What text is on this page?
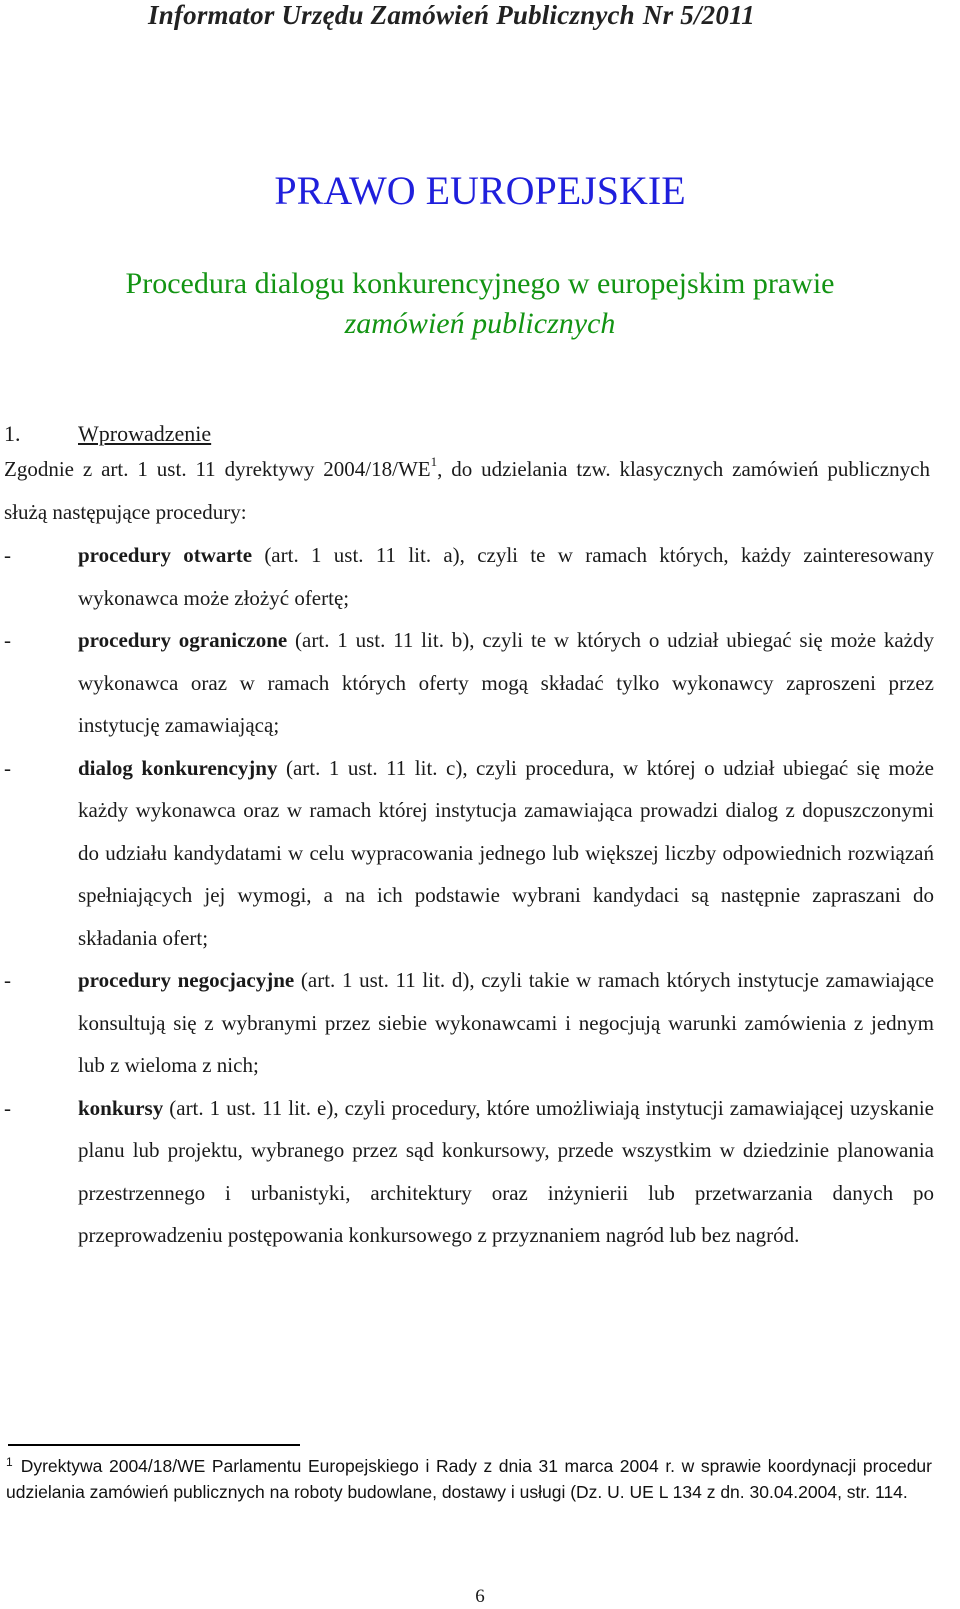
Informator Urzędu Zamówień Publicznych Nr 5/2011
PRAWO EUROPEJSKIE
Procedura dialogu konkurencyjnego w europejskim prawie
zamówień publicznych
1.	Wprowadzenie
Zgodnie z art. 1 ust. 11 dyrektywy $2004/18/WE^1$, do udzielania tzw. klasycznych zamówień publicznych służą następujące procedury:
-	procedury otwarte (art. 1 ust. 11 lit. a), czyli te w ramach których, każdy zainteresowany wykonawca może złożyć ofertę;
-	procedury ograniczone (art. 1 ust. 11 lit. b), czyli te w których o udział ubiegać się może każdy wykonawca oraz w ramach których oferty mogą składać tylko wykonawcy zaproszeni przez instytucję zamawiającą;
-	dialog konkurencyjny (art. 1 ust. 11 lit. c), czyli procedura, w której o udział ubiegać się może każdy wykonawca oraz w ramach której instytucja zamawiająca prowadzi dialog z dopuszczonymi do udziału kandydatami w celu wypracowania jednego lub większej liczby odpowiednich rozwiązań spełniających jej wymogi, a na ich podstawie wybrani kandydaci są następnie zapraszani do składania ofert;
-	procedury negocjacyjne (art. 1 ust. 11 lit. d), czyli takie w ramach których instytucje zamawiające konsultują się z wybranymi przez siebie wykonawcami i negocjują warunki zamówienia z jednym lub z wieloma z nich;
-	konkursy (art. 1 ust. 11 lit. e), czyli procedury, które umożliwiają instytucji zamawiającej uzyskanie planu lub projektu, wybranego przez sąd konkursowy, przede wszystkim w dziedzinie planowania przestrzennego i urbanistyki, architektury oraz inżynierii lub przetwarzania danych po przeprowadzeniu postępowania konkursowego z przyznaniem nagród lub bez nagród.
$^1$ Dyrektywa 2004/18/WE Parlamentu Europejskiego i Rady z dnia 31 marca 2004 r. w sprawie koordynacji procedur udzielania zamówień publicznych na roboty budowlane, dostawy i usługi (Dz. U. UE L 134 z dn. 30.04.2004, str. 114.
6
